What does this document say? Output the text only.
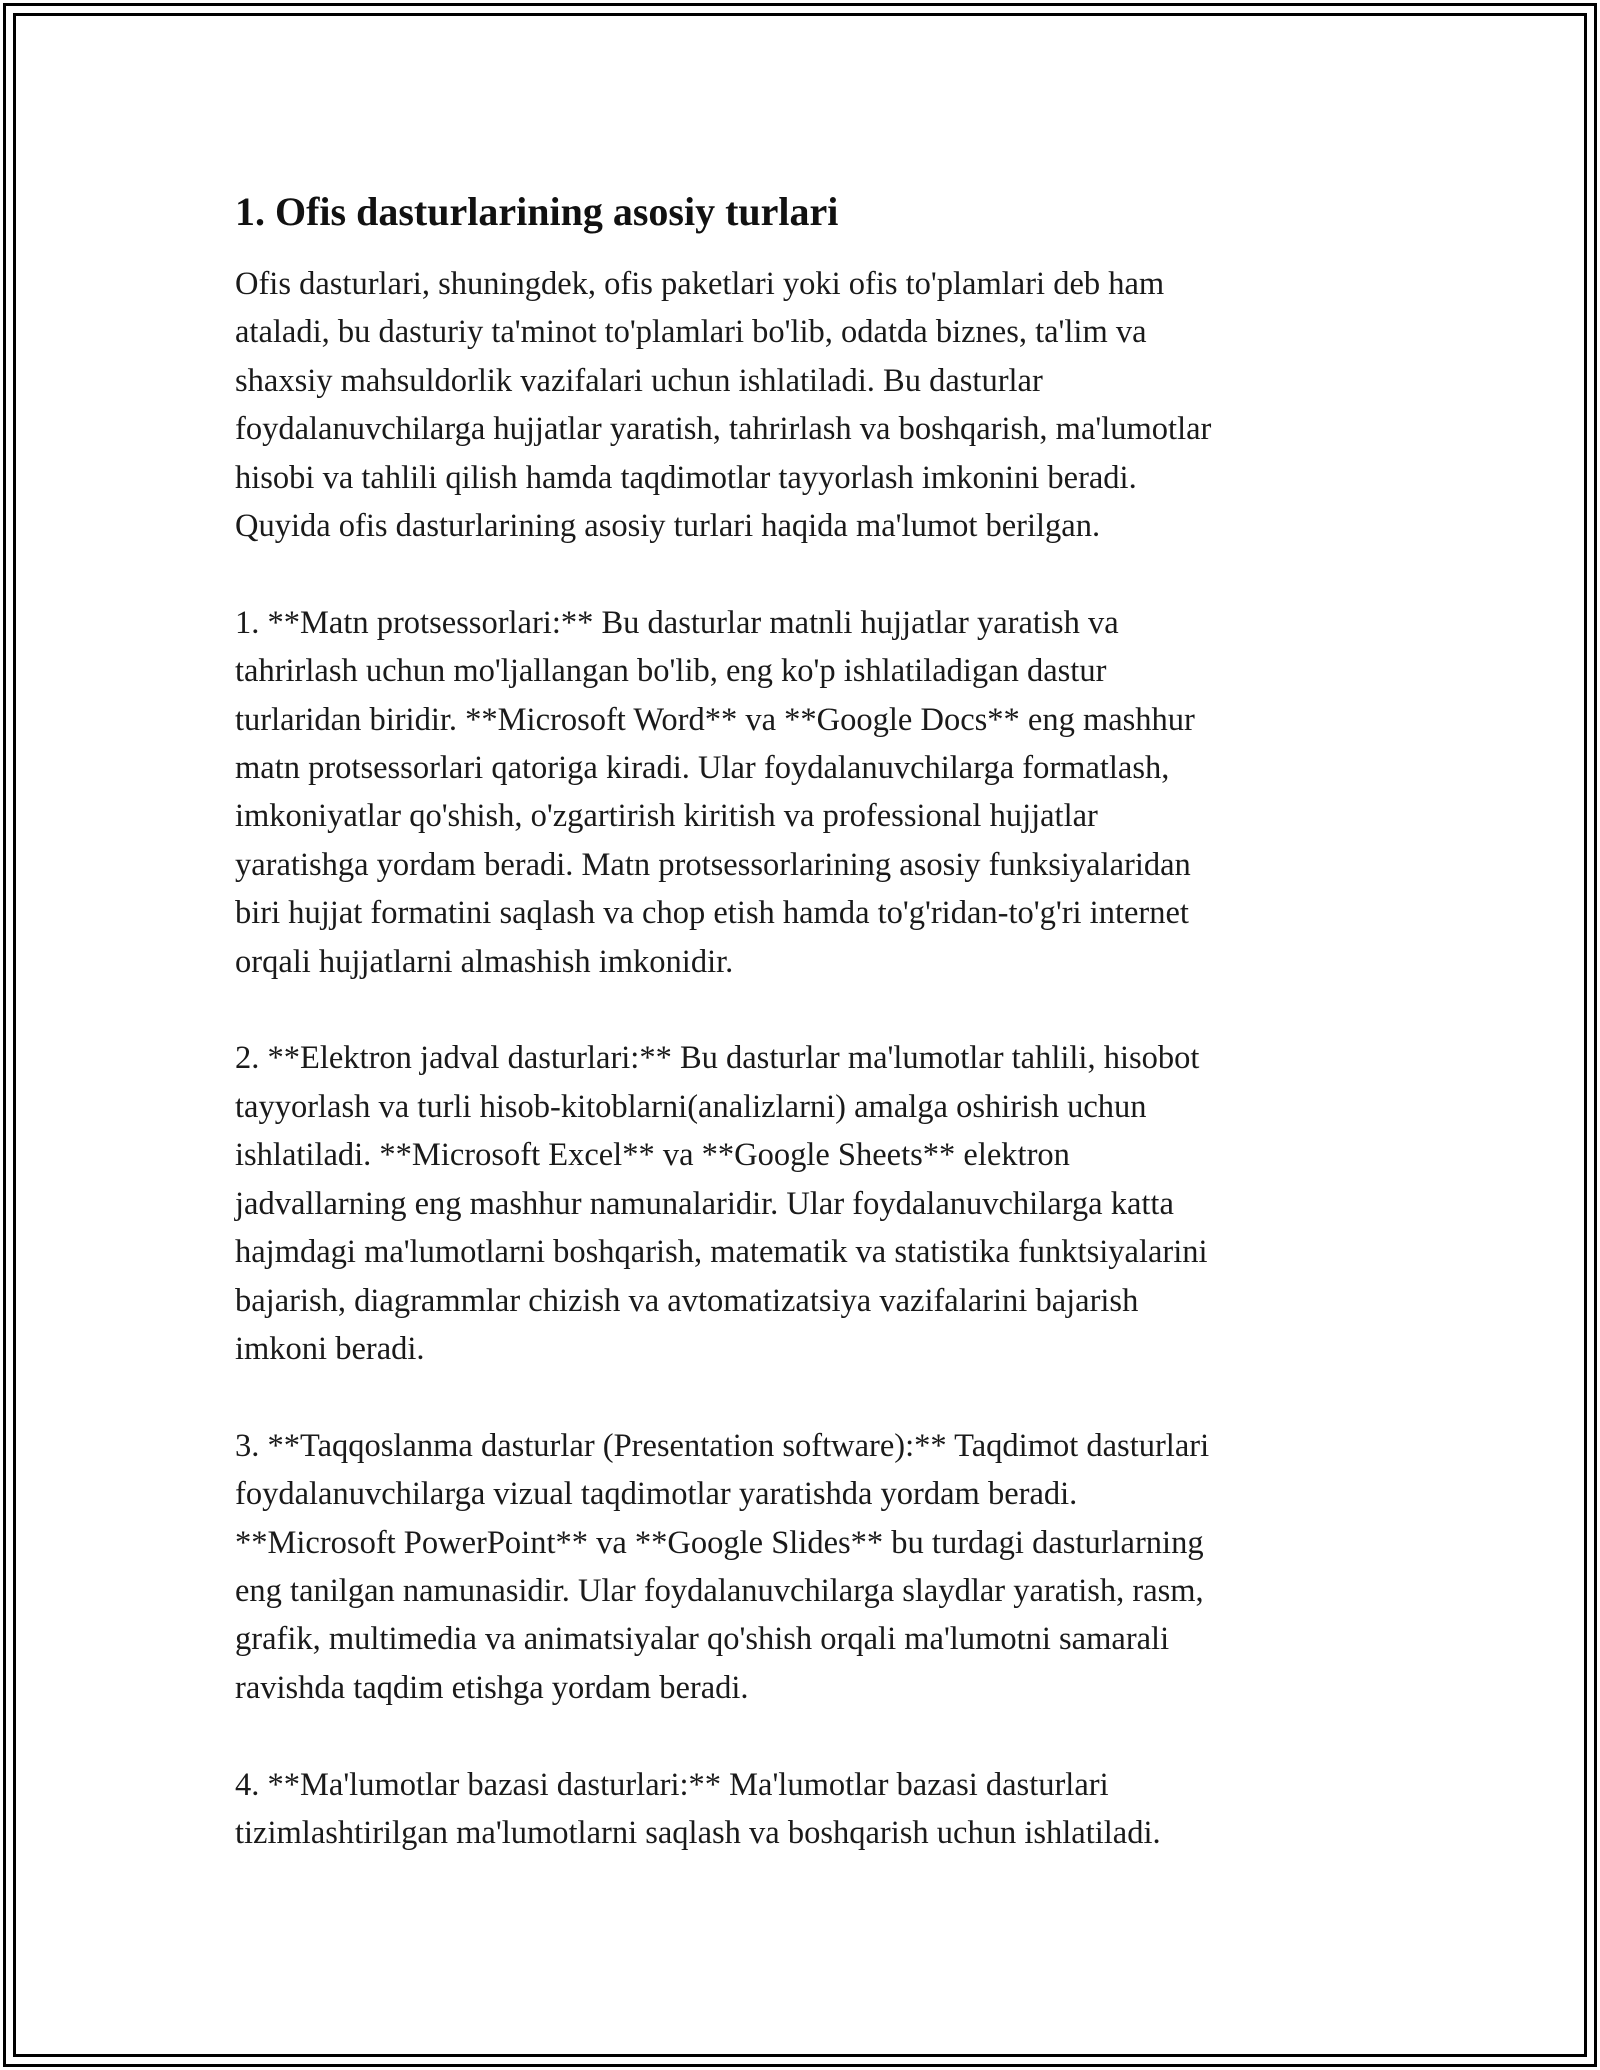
1. Ofis dasturlarining asosiy turlari

Ofis dasturlari, shuningdek, ofis paketlari yoki ofis to'plamlari deb ham
ataladi, bu dasturiy ta'minot to'plamlari bo'lib, odatda biznes, ta'lim va
shaxsiy mahsuldorlik vazifalari uchun ishlatiladi. Bu dasturlar
foydalanuvchilarga hujjatlar yaratish, tahrirlash va boshqarish, ma'lumotlar
hisobi va tahlili qilish hamda taqdimotlar tayyorlash imkonini beradi.
Quyida ofis dasturlarining asosiy turlari haqida ma'lumot berilgan.

1. **Matn protsessorlari:** Bu dasturlar matnli hujjatlar yaratish va
tahrirlash uchun mo'ljallangan bo'lib, eng ko'p ishlatiladigan dastur
turlaridan biridir. **Microsoft Word** va **Google Docs** eng mashhur
matn protsessorlari qatoriga kiradi. Ular foydalanuvchilarga formatlash,
imkoniyatlar qo'shish, o'zgartirish kiritish va professional hujjatlar
yaratishga yordam beradi. Matn protsessorlarining asosiy funksiyalaridan
biri hujjat formatini saqlash va chop etish hamda to'g'ridan-to'g'ri internet
orqali hujjatlarni almashish imkonidir.

2. **Elektron jadval dasturlari:** Bu dasturlar ma'lumotlar tahlili, hisobot
tayyorlash va turli hisob-kitoblarni(analizlarni) amalga oshirish uchun
ishlatiladi. **Microsoft Excel** va **Google Sheets** elektron
jadvallarning eng mashhur namunalaridir. Ular foydalanuvchilarga katta
hajmdagi ma'lumotlarni boshqarish, matematik va statistika funktsiyalarini
bajarish, diagrammlar chizish va avtomatizatsiya vazifalarini bajarish
imkoni beradi.

3. **Taqqoslanma dasturlar (Presentation software):** Taqdimot dasturlari
foydalanuvchilarga vizual taqdimotlar yaratishda yordam beradi.
**Microsoft PowerPoint** va **Google Slides** bu turdagi dasturlarning
eng tanilgan namunasidir. Ular foydalanuvchilarga slaydlar yaratish, rasm,
grafik, multimedia va animatsiyalar qo'shish orqali ma'lumotni samarali
ravishda taqdim etishga yordam beradi.

4. **Ma'lumotlar bazasi dasturlari:** Ma'lumotlar bazasi dasturlari
tizimlashtirilgan ma'lumotlarni saqlash va boshqarish uchun ishlatiladi.
